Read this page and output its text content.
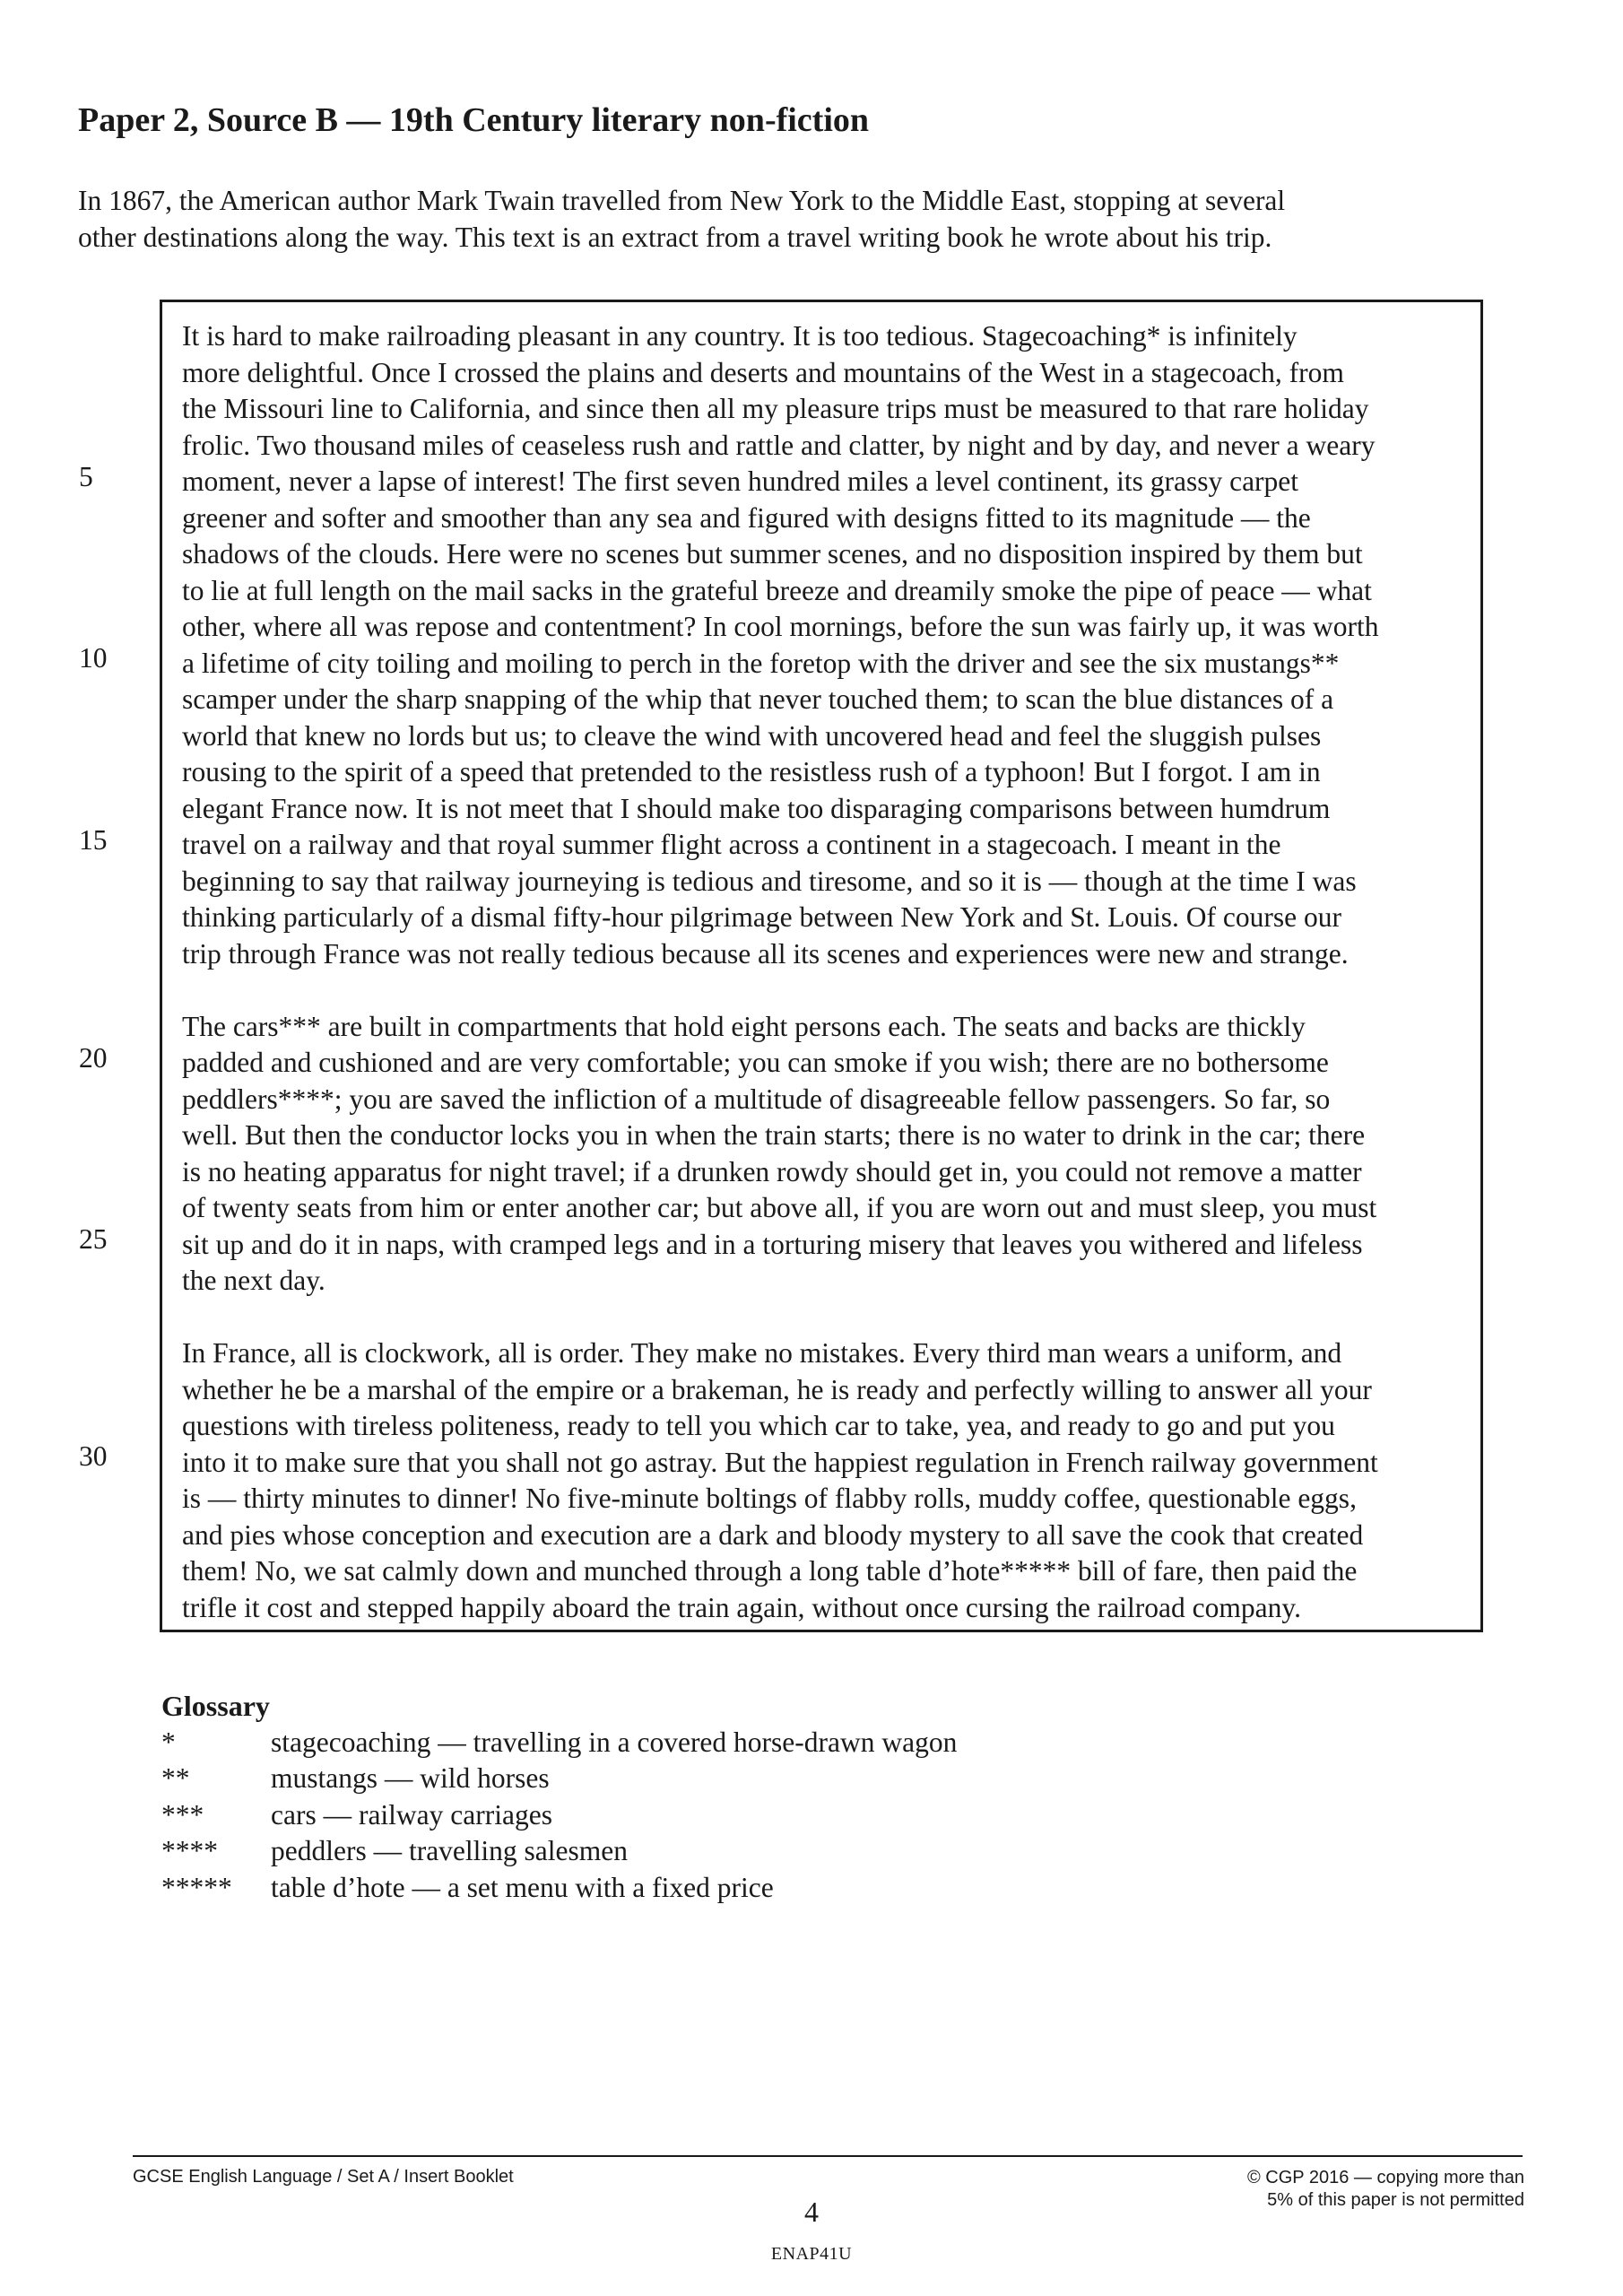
Paper 2, Source B — 19th Century literary non-fiction
In 1867, the American author Mark Twain travelled from New York to the Middle East, stopping at several
other destinations along the way. This text is an extract from a travel writing book he wrote about his trip.
5
10
15
20
25
30
It is hard to make railroading pleasant in any country. It is too tedious. Stagecoaching* is infinitely
more delightful. Once I crossed the plains and deserts and mountains of the West in a stagecoach, from
the Missouri line to California, and since then all my pleasure trips must be measured to that rare holiday
frolic. Two thousand miles of ceaseless rush and rattle and clatter, by night and by day, and never a weary
moment, never a lapse of interest! The first seven hundred miles a level continent, its grassy carpet
greener and softer and smoother than any sea and figured with designs fitted to its magnitude — the
shadows of the clouds. Here were no scenes but summer scenes, and no disposition inspired by them but
to lie at full length on the mail sacks in the grateful breeze and dreamily smoke the pipe of peace — what
other, where all was repose and contentment? In cool mornings, before the sun was fairly up, it was worth
a lifetime of city toiling and moiling to perch in the foretop with the driver and see the six mustangs**
scamper under the sharp snapping of the whip that never touched them; to scan the blue distances of a
world that knew no lords but us; to cleave the wind with uncovered head and feel the sluggish pulses
rousing to the spirit of a speed that pretended to the resistless rush of a typhoon! But I forgot. I am in
elegant France now. It is not meet that I should make too disparaging comparisons between humdrum
travel on a railway and that royal summer flight across a continent in a stagecoach. I meant in the
beginning to say that railway journeying is tedious and tiresome, and so it is — though at the time I was
thinking particularly of a dismal fifty-hour pilgrimage between New York and St. Louis. Of course our
trip through France was not really tedious because all its scenes and experiences were new and strange.
The cars*** are built in compartments that hold eight persons each. The seats and backs are thickly
padded and cushioned and are very comfortable; you can smoke if you wish; there are no bothersome
peddlers****; you are saved the infliction of a multitude of disagreeable fellow passengers. So far, so
well. But then the conductor locks you in when the train starts; there is no water to drink in the car; there
is no heating apparatus for night travel; if a drunken rowdy should get in, you could not remove a matter
of twenty seats from him or enter another car; but above all, if you are worn out and must sleep, you must
sit up and do it in naps, with cramped legs and in a torturing misery that leaves you withered and lifeless
the next day.
In France, all is clockwork, all is order. They make no mistakes. Every third man wears a uniform, and
whether he be a marshal of the empire or a brakeman, he is ready and perfectly willing to answer all your
questions with tireless politeness, ready to tell you which car to take, yea, and ready to go and put you
into it to make sure that you shall not go astray. But the happiest regulation in French railway government
is — thirty minutes to dinner! No five-minute boltings of flabby rolls, muddy coffee, questionable eggs,
and pies whose conception and execution are a dark and bloody mystery to all save the cook that created
them! No, we sat calmly down and munched through a long table d’hote***** bill of fare, then paid the
trifle it cost and stepped happily aboard the train again, without once cursing the railroad company.
Glossary
*	stagecoaching — travelling in a covered horse-drawn wagon
**	mustangs — wild horses
***	cars — railway carriages
****	peddlers — travelling salesmen
*****	table d’hote — a set menu with a fixed price
GCSE English Language / Set A / Insert Booklet	© CGP 2016 — copying more than
5% of this paper is not permitted
4
ENAP41U
